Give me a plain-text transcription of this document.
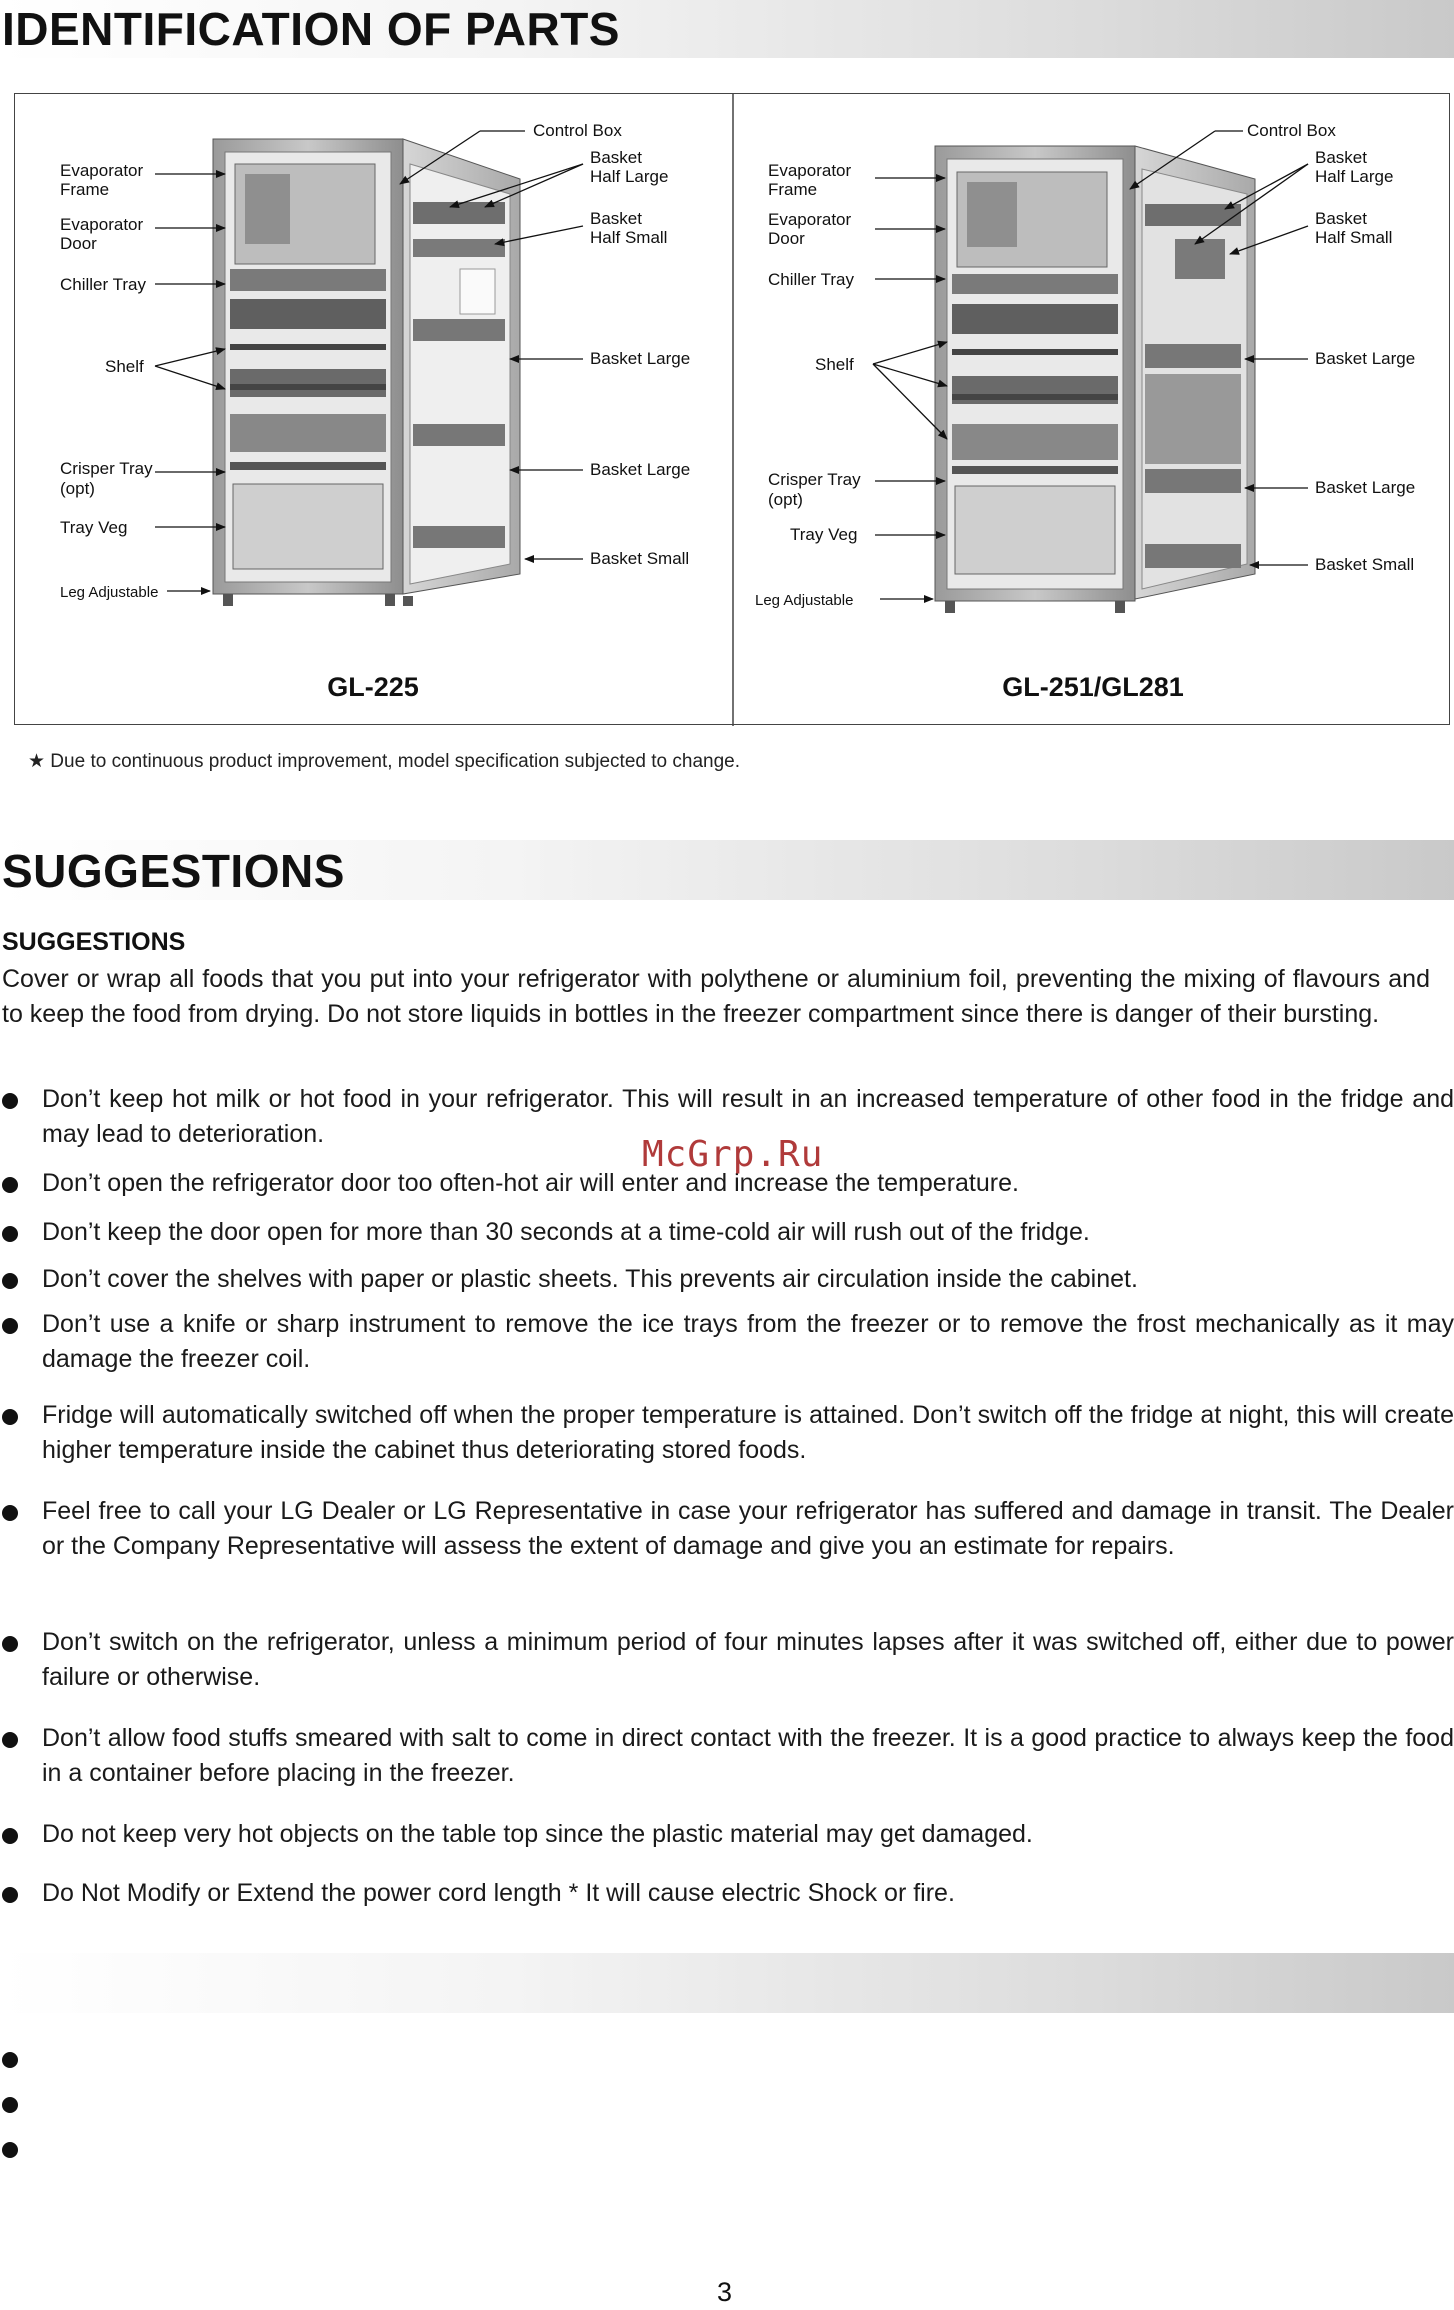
IDENTIFICATION OF PARTS
Evaporator
Frame
Evaporator
Door
Chiller Tray
Shelf
Crisper Tray
(opt)
Tray Veg
Leg Adjustable
Control Box
Basket
Half Large
Basket
Half Small
Basket Large
Basket Large
Basket Small
Evaporator
Frame
Evaporator
Door
Chiller Tray
Shelf
Crisper Tray
(opt)
Tray Veg
Leg Adjustable
Control Box
Basket
Half Large
Basket
Half Small
Basket Large
Basket Large
Basket Small
GL-225	GL-251/GL281
★ Due to continuous product improvement, model specification subjected to change.
SUGGESTIONS
SUGGESTIONS
Cover or wrap all foods that you put into your refrigerator with polythene or aluminium foil, preventing the mixing of flavours and to keep the food from drying. Do not store liquids in bottles in the freezer compartment since there is danger of their bursting.
Don’t keep hot milk or hot food in your refrigerator. This will result in an increased temperature of other food in the fridge and may lead to deterioration.
Don’t open the refrigerator door too often-hot air will enter and increase the temperature.
Don’t keep the door open for more than 30 seconds at a time-cold air will rush out of the fridge.
Don’t cover the shelves with paper or plastic sheets. This prevents air circulation inside the cabinet.
Don’t use a knife or sharp instrument to remove the ice trays from the freezer or to remove the frost mechanically as it may damage the freezer coil.
Fridge will automatically switched off when the proper temperature is attained. Don’t switch off the fridge at night, this will create higher temperature inside the cabinet thus deteriorating stored foods.
Feel free to call your LG Dealer or LG Representative in case your refrigerator has suffered and damage in transit. The Dealer or the Company Representative will assess the extent of damage and give you an estimate for repairs.
Don’t switch on the refrigerator, unless a minimum period of four minutes lapses after it was switched off, either due to power failure or otherwise.
Don’t allow food stuffs smeared with salt to come in direct contact with the freezer. It is a good practice to always keep the food in a container before placing in the freezer.
Do not keep very hot objects on the table top since the plastic material may get damaged.
Do Not Modify or Extend the power cord length * It will cause electric Shock or fire.
McGrp.Ru
3
